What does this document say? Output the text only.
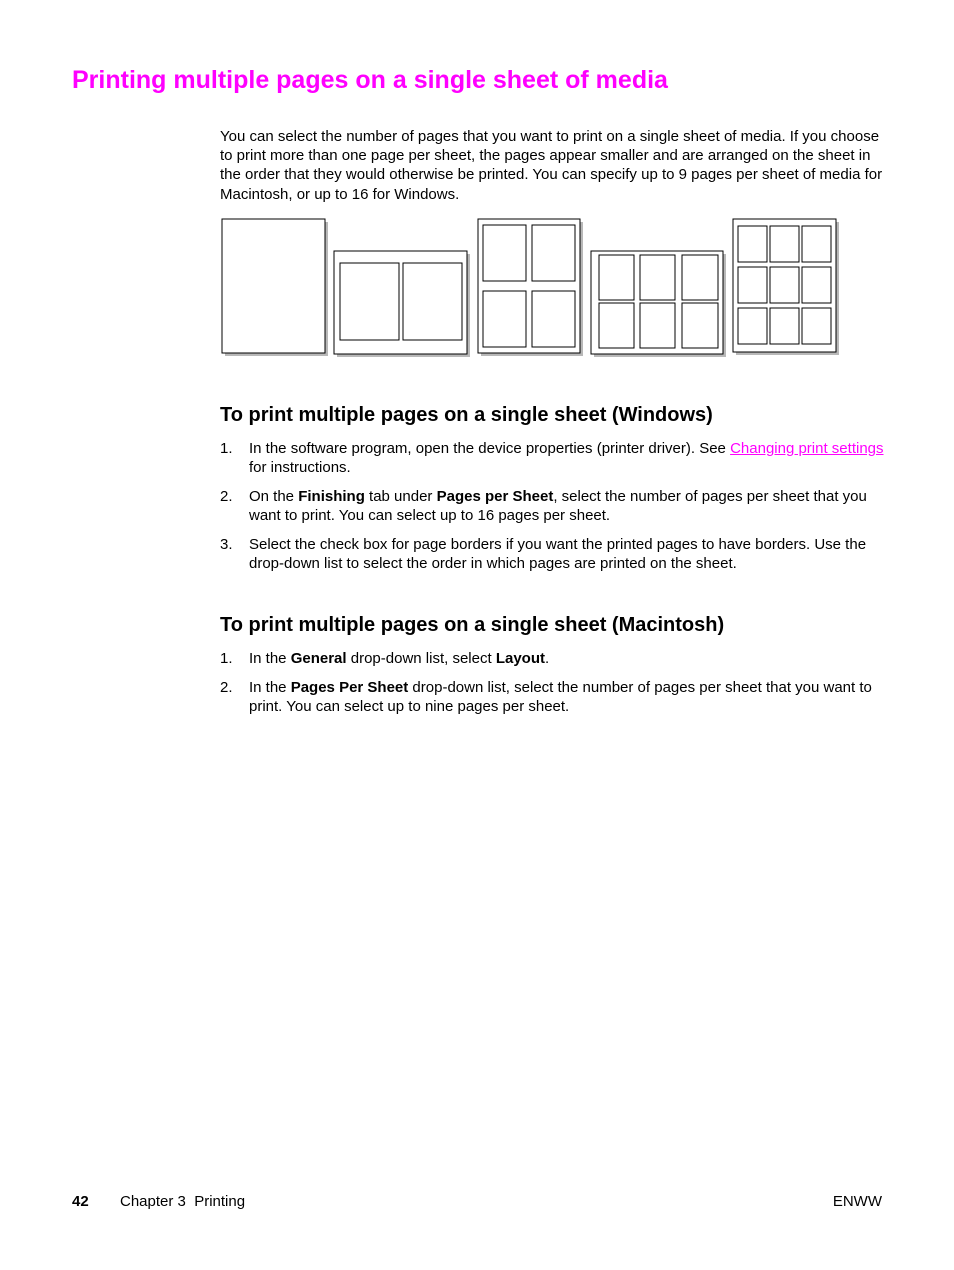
Printing multiple pages on a single sheet of media

You can select the number of pages that you want to print on a single sheet of media. If you choose to print more than one page per sheet, the pages appear smaller and are arranged on the sheet in the order that they would otherwise be printed. You can specify up to 9 pages per sheet of media for Macintosh, or up to 16 for Windows.

To print multiple pages on a single sheet (Windows)
1. In the software program, open the device properties (printer driver). See Changing print settings for instructions.
2. On the Finishing tab under Pages per Sheet, select the number of pages per sheet that you want to print. You can select up to 16 pages per sheet.
3. Select the check box for page borders if you want the printed pages to have borders. Use the drop-down list to select the order in which pages are printed on the sheet.
To print multiple pages on a single sheet (Macintosh)
1. In the General drop-down list, select Layout.
2. In the Pages Per Sheet drop-down list, select the number of pages per sheet that you want to print. You can select up to nine pages per sheet.
42 Chapter 3  Printing	ENWW
